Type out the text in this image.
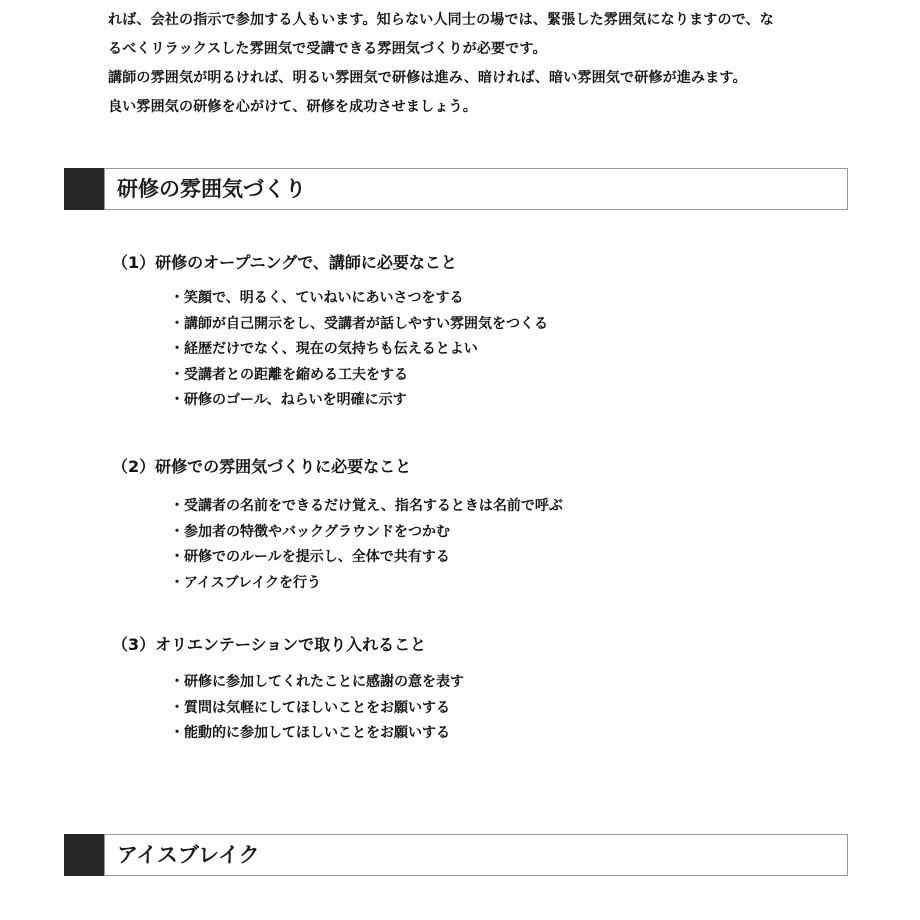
れば、会社の指示で参加する人もいます。知らない人同士の場では、緊張した雰囲気になりますので、な
るべくリラックスした雰囲気で受講できる雰囲気づくりが必要です。
講師の雰囲気が明るければ、明るい雰囲気で研修は進み、暗ければ、暗い雰囲気で研修が進みます。
良い雰囲気の研修を心がけて、研修を成功させましょう。
研修の雰囲気づくり
（1）研修のオープニングで、講師に必要なこと
・笑顔で、明るく、ていねいにあいさつをする
・講師が自己開示をし、受講者が話しやすい雰囲気をつくる
・経歴だけでなく、現在の気持ちも伝えるとよい
・受講者との距離を縮める工夫をする
・研修のゴール、ねらいを明確に示す
（2）研修での雰囲気づくりに必要なこと
・受講者の名前をできるだけ覚え、指名するときは名前で呼ぶ
・参加者の特徴やバックグラウンドをつかむ
・研修でのルールを提示し、全体で共有する
・アイスブレイクを行う
（3）オリエンテーションで取り入れること
・研修に参加してくれたことに感謝の意を表す
・質問は気軽にしてほしいことをお願いする
・能動的に参加してほしいことをお願いする
アイスブレイク
